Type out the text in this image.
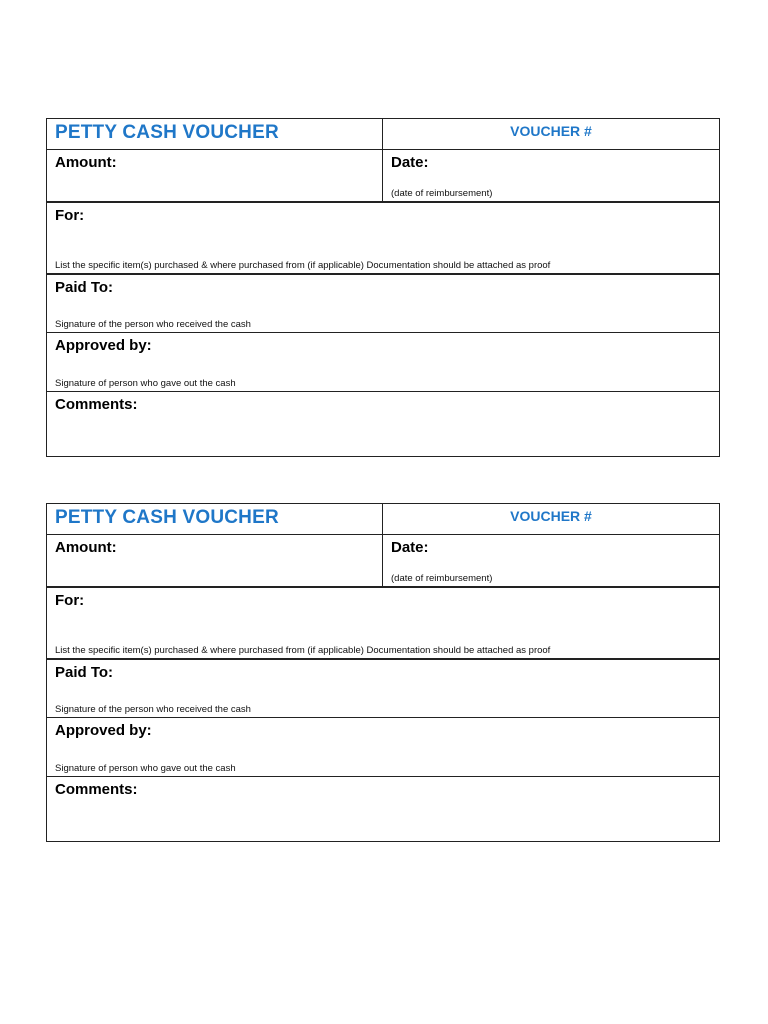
PETTY CASH VOUCHER	VOUCHER #
Amount:	Date:
(date of reimbursement)
For:
List the specific item(s) purchased & where purchased from (if applicable) Documentation should be attached as proof
Paid To:
Signature of the person who received the cash
Approved by:
Signature of person who gave out the cash
Comments:
PETTY CASH VOUCHER	VOUCHER #
Amount:	Date:
(date of reimbursement)
For:
List the specific item(s) purchased & where purchased from (if applicable) Documentation should be attached as proof
Paid To:
Signature of the person who received the cash
Approved by:
Signature of person who gave out the cash
Comments:
